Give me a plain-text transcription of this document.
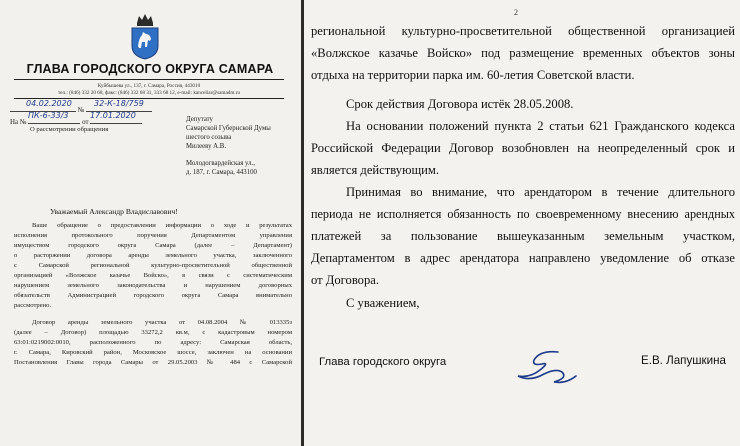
ГЛАВА ГОРОДСКОГО ОКРУГА САМАРА
Куйбышева ул., 137, г. Самара, Россия, 443010
тел.: (846) 332 20 68, факс: (846) 332 68 31, 333 68 12, e-mail: kanceliar@samadm.ru
№
04.02.2020	32-К-18/759
На №	от
ПК-6-33/3	17.01.2020
О рассмотрении обращения
Депутату
Самарской Губернской Думы
шестого созыва
Милееву А.В.
Молодогвардейская ул.,
д. 187, г. Самара, 443100
Уважаемый Александр Владиславович!
Ваше обращение о предоставлении информации о ходе и результатах
исполнения протокольного поручения Департаментом управления
имуществом городского округа Самара (далее – Департамент)
о расторжении договора аренды земельного участка, заключенного
с Самарской региональной культурно-просветительной общественной
организацией «Волжское казачье Войско», в связи с систематическим
нарушением земельного законодательства и нарушением договорных
обязательств Администрацией городского округа Самара внимательно
рассмотрено.
Договор аренды земельного участка от 04.08.2004 № 013335з
(далее – Договор) площадью 33272,2 кв.м, с кадастровым номером
63:01:0219002:0010, расположенного по адресу: Самарская область,
г. Самара, Кировский район, Московское шоссе, заключен на основании
Постановления Главы города Самары от 29.05.2003 № 484 с Самарской
2
региональной культурно-просветительной общественной организацией
«Волжское казачье Войско» под размещение временных объектов зоны
отдыха на территории парка им. 60-летия Советской власти.
Срок действия Договора истёк 28.05.2008.
На основании положений пункта 2 статьи 621 Гражданского кодекса
Российской Федерации Договор возобновлен на неопределенный срок и
является действующим.
Принимая во внимание, что арендатором в течение длительного
периода не исполняется обязанность по своевременному внесению арендных
платежей за пользование вышеуказанным земельным участком,
Департаментом в адрес арендатора направлено уведомление об отказе
от Договора.
С уважением,
Глава городского округа	Е.В. Лапушкина
